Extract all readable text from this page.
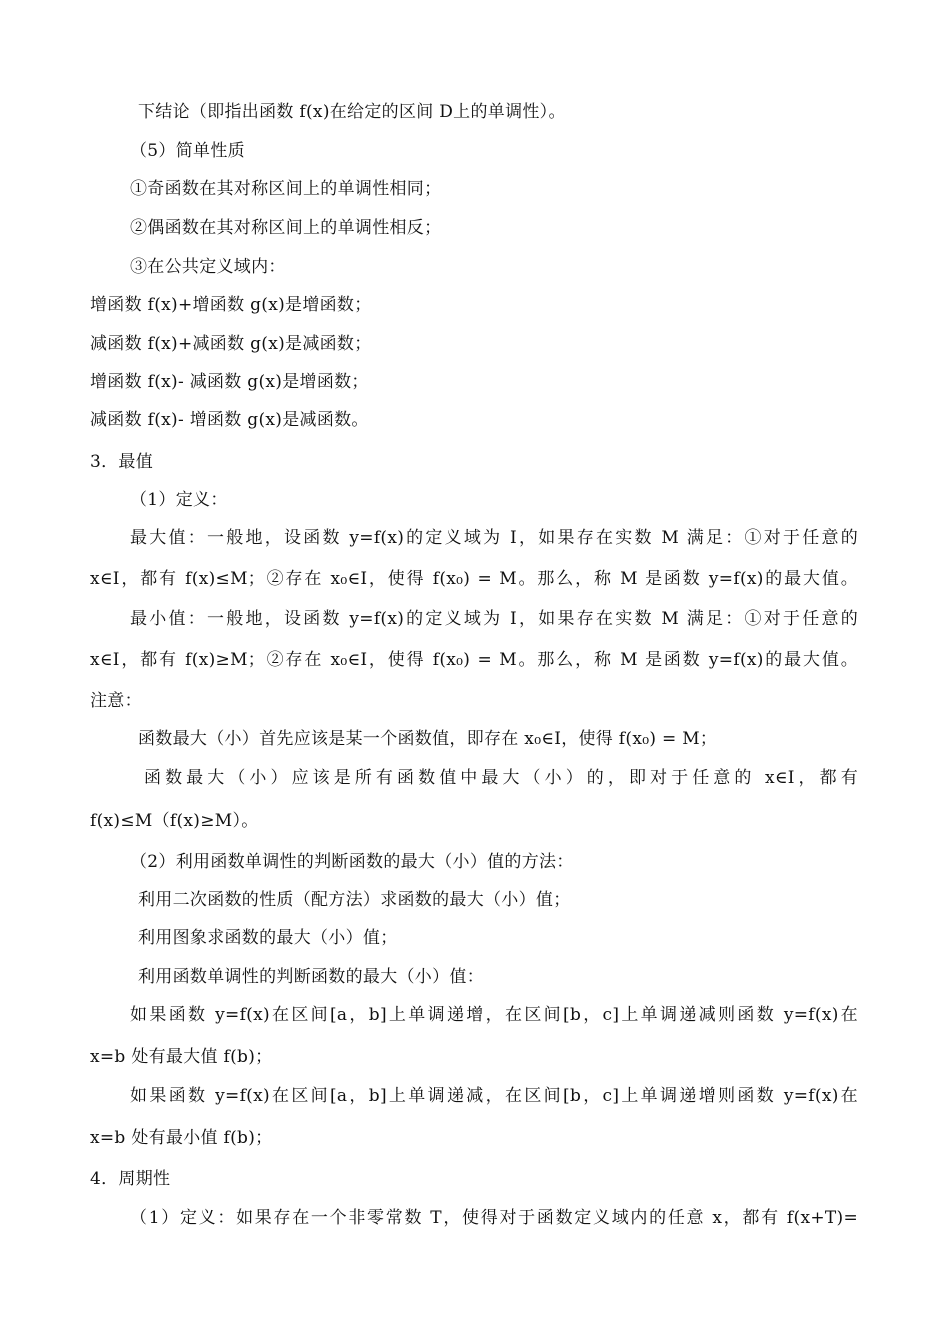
下结论（即指出函数 f(x)在给定的区间 D上的单调性）。
（5）简单性质
①奇函数在其对称区间上的单调性相同；
②偶函数在其对称区间上的单调性相反；
③在公共定义域内：
增函数 f(x)+增函数 g(x)是增函数；
减函数 f(x)+减函数 g(x)是减函数；
增函数 f(x)- 减函数 g(x)是增函数；
减函数 f(x)- 增函数 g(x)是减函数。
3．最值
（1）定义：
最大值：一般地，设函数 y=f(x)的定义域为 I，如果存在实数 M 满足：①对于任意的
x∈I，都有 f(x)≤M；②存在 x₀∈I，使得 f(x₀) = M。那么，称 M 是函数 y=f(x)的最大值。
最小值：一般地，设函数 y=f(x)的定义域为 I，如果存在实数 M 满足：①对于任意的
x∈I，都有 f(x)≥M；②存在 x₀∈I，使得 f(x₀) = M。那么，称 M 是函数 y=f(x)的最大值。
注意：
函数最大（小）首先应该是某一个函数值，即存在 x₀∈I，使得 f(x₀) = M；
函数最大（小）应该是所有函数值中最大（小）的，即对于任意的 x∈I，都有
f(x)≤M（f(x)≥M）。
（2）利用函数单调性的判断函数的最大（小）值的方法：
利用二次函数的性质（配方法）求函数的最大（小）值；
利用图象求函数的最大（小）值；
利用函数单调性的判断函数的最大（小）值：
如果函数 y=f(x)在区间[a，b]上单调递增，在区间[b，c]上单调递减则函数 y=f(x)在
x=b 处有最大值 f(b)；
如果函数 y=f(x)在区间[a，b]上单调递减，在区间[b，c]上单调递增则函数 y=f(x)在
x=b 处有最小值 f(b)；
4．周期性
（1）定义：如果存在一个非零常数 T，使得对于函数定义域内的任意 x，都有 f(x+T)=
